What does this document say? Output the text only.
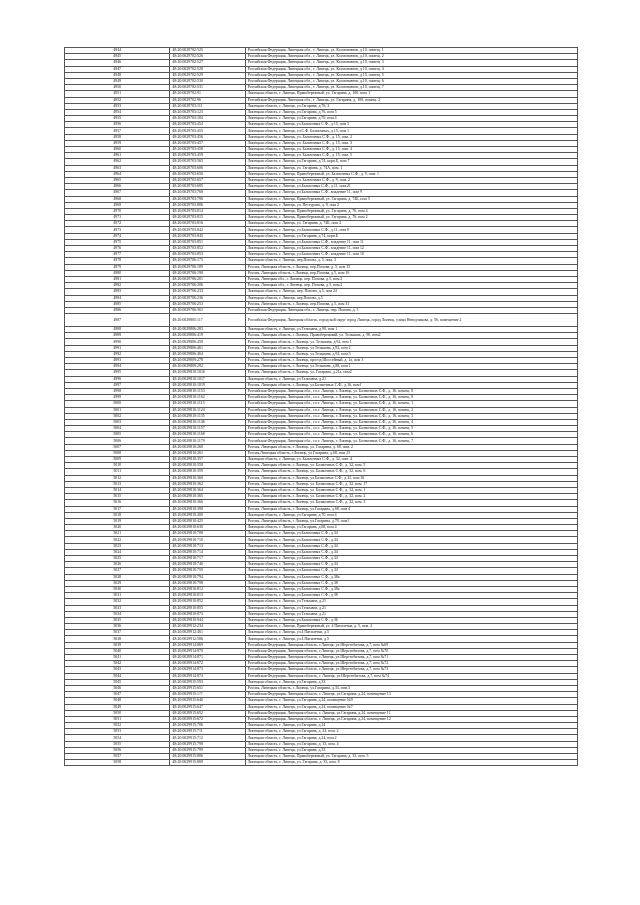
4944	48:20:0029702:525	Российская Федерация, Липецкая обл., г. Липецк, ул. Космонавтов, д.10, помещ. 1
4945	48:20:0029702:526	Российская Федерация, Липецкая обл., г. Липецк, ул. Космонавтов, д.10, помещ. 2
4946	48:20:0029702:527	Российская Федерация, Липецкая обл., г. Липецк, ул. Космонавтов, д.10, помещ. 3
4947	48:20:0029702:528	Российская Федерация, Липецкая обл., г. Липецк, ул. Космонавтов, д.10, помещ. 4
4948	48:20:0029702:529	Российская Федерация, Липецкая обл., г. Липецк, ул. Космонавтов, д.10, помещ. 5
4949	48:20:0029702:530	Российская Федерация, Липецкая обл., г. Липецк, ул. Космонавтов, д.10, помещ. 6
4950	48:20:0029702:531	Российская Федерация, Липецкая обл., г. Липецк, ул. Космонавтов, д.10, помещ. 7
4951	48:20:0029702:91	Липецкая область, г. Липецк, Правобережный, ул. Гагарина, д. 100, пом. 1
4952	48:20:0029702:96	Российская Федерация, Липецкая обл., г. Липецк, ул. Гагарина, д. 100, помещ. 2
4953	48:20:0029703:111	Липецкая область, г. Липецк, ул.Гагарина, д.76, 3
4954	48:20:0029703:123	Липецкая область, г. Липецк, ул.Гагарина, д.76, пом 5
4955	48:20:0029703:184	Липецкая область, г. Липецк, ул.Гагарина, д.76, пом 4
4956	48:20:0029703:454	Липецкая область, г. Липецк, ул.Балмочных С.Ф., д.15, пом 3
4957	48:20:0029703:455	Липецкая область, г. Липецк, ул.С.Ф. Балмочных, д.15, пом 1
4958	48:20:0029703:456	Липецкая область, г. Липецк, ул. Балмочных С.Ф., д. 15, пом. 2
4959	48:20:0029703:457	Липецкая область, г. Липецк, ул. Балмочных С.Ф., д. 15, пом. 3
4960	48:20:0029703:458	Липецкая область, г. Липецк, ул. Балмочных С.Ф., д. 15, пом. 4
4961	48:20:0029703:459	Липецкая область, г. Липецк, ул. Балмочных С.Ф., д. 15, пом. 5
4962	48:20:0029703:565	Липецкая область, г. Липецк, ул.Гагарина, д.74, корп.Б, пом 7
4963	48:20:0029703:606	Липецкая область, г. Липецк, ул. Гагарина, д. 74А, пом. 1
4964	48:20:0029703:656	Липецкая область, г. Липецк, Правобережный, ул. Балмочных С.Ф., д. 9, пом. 1
4965	48:20:0029703:657	Липецкая область, г. Липецк, ул. Балмочных С.Ф., д. 9, пом. 2
4966	48:20:0029703:685	Липецкая область, г. Липецк, ул.Балмочных С.Ф., д.11, пом.21
4967	48:20:0029703:768	Липецкая область, г. Липецк, ул.Балмочных С.Ф., владение 11, пом 9
4968	48:20:0029703:796	Липецкая область, г. Липецк, Правобережный, ул. Гагарина, д. 74Б, пом 5
4969	48:20:0029703:806	Липецкая область, г. Липецк, ул. Пестурова, д. 9, пом 2
4970	48:20:0029703:814	Липецкая область, г. Липецк, Правобережный, ул. Гагарина, д. 76, пом 4
4971	48:20:0029703:815	Липецкая область, г. Липецк, Правобережный, ул. Гагарина, д. 76, пом 2
4972	48:20:0029703:816	Липецкая область, г. Липецк, ул. Гагарина, д. 74Б, пом 4
4973	48:20:0029703:842	Липецкая область, г. Липецк, ул.Балмочных С.Ф., д.11, пом 8
4974	48:20:0029703:845	Липецкая область, г. Липецк, ул.Гагарина, д.74, корп.Б
4975	48:20:0029703:851	Липецкая область, г. Липецк, ул.Балмочных С.Ф., владение 11, пом 11
4976	48:20:0029703:852	Липецкая область, г. Липецк, ул.Балмочных С.Ф., владение 11, пом 12
4977	48:20:0029703:853	Липецкая область, г. Липецк, ул.Балмочных С.Ф., владение 11, пом 10
4978	48:20:0029706:175	Липецкая область, г. Липецк, пер.Попова, д. 5, пом. 3
4979	48:20:0029706:189	Россия, Липецкая область, г. Липецк, пер.Попова, д. 5, пом 15
4980	48:20:0029706:190	Россия, Липецкая область, г. Липецк, пер.Попова, д.5, пом 16
4981	48:20:0029706:201	Россия, Липецкая обл., г. Липецк, пер. Попова, д.5, пом 2
4982	48:20:0029706:206	Россия, Липецкая обл., г. Липецк, пер. Попова, д.5, пом.2
4983	48:20:0029706:233	Липецкая область, г. Липецк, пер. Попова, д.5, пом 24
4984	48:20:0029706:236	Липецкая область, г. Липецк, пер.Попова, д.5
4985	48:20:0029706:253	Россия, Липецкая область, г. Липецк, пер.Попова, д.5, пом 31
4986	48:20:0029706:361	Российская Федерация, Липецкая обл., г. Липецк, пер. Попова, д. 5
4987	48:20:0029805:117	Российская Федерация, Липецкая область, городской округ город Липецк, город Липецк, улица Неводчикова, д. 56, помещение 2
4988	48:20:0029806:283	Липецкая область, г. Липецк, ул.Тельмана, д.90, пом 1
4989	48:20:0029806:419	Россия, Липецкая область, г. Липецк, Правобережный, ул. Тельмана, д. 90, пом2
4990	48:20:0029806:458	Россия, Липецкая область, г. Липецк, ул. Тельмана, д.92, пом 1
4991	48:20:0029806:461	Россия, Липецкая область, г. Липецк, ул.Тельмана, д.92, пом 2
4992	48:20:0029806:464	Россия, Липецкая область, г. Липецк, ул.Тельмана, д.92, пом 3
4993	48:20:0029809:278	Россия, Липецкая область, г. Липецк, проезд Шоссейный, д. 1а, пом 3
4994	48:20:0029809:292	Россия, Липецкая область, г. Липецк, ул.Тельмана, д.88, пом 1
4995	48:20:0029810:1016	Россия, Липецкая область, г. Липецк, ул. Гагарина, д.21а, пом2
4996	48:20:0029810:1017	Липецкая область, г. Липецк, ул.Тельмана, д.21
4997	48:20:0029810:1019	Россия, Липецкая область, г. Липецк, ул.Балмочных С.Ф., д.16, пом1
4998	48:20:0029810:1153	Российская Федерация, Липецкая обл., г.о.г. Липецк, г. Липецк, ул. Балмочных С.Ф., д. 16, помещ. 8
4999	48:20:0029810:1162	Российская Федерация, Липецкая обл., г.о.г. Липецк, г. Липецк, ул. Балмочных С.Ф., д. 16, помещ. 9
5000	48:20:0029810:1113	Российская Федерация, Липецкая обл., г.о.г. Липецк, г. Липецк, ул. Балмочных С.Ф., д. 16, помещ. 1
5001	48:20:0029810:1124	Российская Федерация, Липецкая обл., г.о.г. Липецк, г. Липецк, ул. Балмочных С.Ф., д. 16, помещ. 2
5002	48:20:0029810:1135	Российская Федерация, Липецкая обл., г.о.г. Липецк, г. Липецк, ул. Балмочных С.Ф., д. 16, помещ. 3
5003	48:20:0029810:1146	Российская Федерация, Липецкая обл., г.о.г. Липецк, г. Липецк, ул. Балмочных С.Ф., д. 16, помещ. 4
5004	48:20:0029810:1157	Российская Федерация, Липецкая обл., г.о.г. Липецк, г. Липецк, ул. Балмочных С.Ф., д. 16, помещ. 5
5005	48:20:0029810:1168	Российская Федерация, Липецкая обл., г.о.г. Липецк, г. Липецк, ул. Балмочных С.Ф., д. 16, помещ. 6
5006	48:20:0029810:1179	Российская Федерация, Липецкая обл., г.о.г. Липецк, г. Липецк, ул. Балмочных С.Ф., д. 16, помещ. 7
5007	48:20:0029810:260	Россия, Липецкая область, г. Липецк, ул. Гагарина, д. 68, пом. 2
5008	48:20:0029810:261	Россия,Липецкая область, г.Липецк, ул.Гагарина, д.68, пом 23
5009	48:20:0029810:357	Липецкая область, г. Липецк, ул. Балмочных С.Ф., д. 32, пом. 4
5010	48:20:0029810:358	Россия, Липецкая область, г. Липецк, ул. Балмочных С.Ф., д. 32, пом. 5
5011	48:20:0029810:359	Россия, Липецкая область, г. Липецк, ул. Балмочных С.Ф., д. 32, пом. 6
5012	48:20:0029810:360	Россия, Липецкая область, г. Липецк, ул.Балмочных С.Ф., д.32, пом 16
5013	48:20:0029810:362	Россия, Липецкая область, г. Липецк, ул. Балмочных С.Ф., д. 32, пом. 17
5014	48:20:0029810:364	Россия, Липецкая область, г. Липецк, ул. Балмочных С.Ф., д. 32, пом. 1
5015	48:20:0029810:365	Россия, Липецкая область, г. Липецк, ул. Балмочных С.Ф., д. 32, пом. 2
5016	48:20:0029810:366	Россия, Липецкая область, г. Липецк, ул. Балмочных С.Ф., д. 32, пом. 3
5017	48:20:0029810:398	Россия, Липецкая область, г. Липецк, ул.Гагарина, д.68, пом 4
5018	48:20:0029810:400	Липецкая область, г. Липецк, ул.Гагарина, д.70, пом 4
5019	48:20:0029810:425	Россия, Липецкая область, г. Липецк, ул.Гагарина, д.70, пом1
5020	48:20:0029810:630	Липецкая область, г. Липецк, ул.Гагарина, д.68, пом 4
5021	48:20:0029810:708	Липецкая область, г. Липецк, ул.Балмочных С.Ф., д.34
5022	48:20:0029810:710	Липецкая область, г. Липецк, ул.Балмочных С.Ф., д.34
5023	48:20:0029810:713	Липецкая область, г. Липецк, ул.Балмочных С.Ф., д.34
5024	48:20:0029810:714	Липецкая область, г. Липецк, ул.Балмочных С.Ф., д.34
5025	48:20:0029810:717	Липецкая область, г. Липецк, ул.Балмочных С.Ф., д.34
5026	48:20:0029810:746	Липецкая область, г. Липецк, ул.Балмочных С.Ф., д.34
5027	48:20:0029810:750	Липецкая область, г. Липецк, ул.Балмочных С.Ф., д.34
5028	48:20:0029810:794	Липецкая область, г. Липецк, ул.Балмочных С.Ф., д.38а
5029	48:20:0029810:798	Липецкая область, г. Липецк, ул.Балмочных С.Ф., д.38
5030	48:20:0029810:812	Липецкая область, г. Липецк, ул.Балмочных С.Ф., д.38а
5031	48:20:0029810:813	Липецкая область, г. Липецк, ул.Балмочных С.Ф., д.38
5032	48:20:0029810:852	Липецкая область, г. Липецк, ул.Тельмана, д.21
5033	48:20:0029810:855	Липецкая область, г. Липецк, ул.Тельмана, д.21
5034	48:20:0029810:873	Липецкая область, г. Липецк, ул.Тельмана, д.21
5035	48:20:0029810:944	Липецкая область, г. Липецк, ул.Балмочных С.Ф., д.36
5036	48:20:0029912:234	Липецкая область, г. Липецк, Правобережный, ул. 4 Пятилетки, д. 5, пом. 2
5037	48:20:0029912:461	Липецкая область, г. Липецк, ул.4 Пятилетки, д.5
5038	48:20:0029912:586	Липецкая область, г. Липецк, ул.4 Пятилетки, д.5
5039	48:20:0029914:869	Российская Федерация, Липецкая область, г.Липецк, ул.Шерстобитова, д.7, пом №69
5040	48:20:0029914:870	Российская Федерация, Липецкая область, г.Липецк, ул.Шерстобитова, д.7, пом №70
5041	48:20:0029914:871	Российская Федерация, Липецкая область, г.Липецк, ул.Шерстобитова, д.7, пом №71
5042	48:20:0029914:872	Российская Федерация, Липецкая область, г.Липецк, ул.Шерстобитова, д.7, пом №72
5043	48:20:0029914:873	Российская Федерация, Липецкая область, г.Липецк, ул.Шерстобитова, д.7, пом №73
5044	48:20:0029914:874	Российская Федерация, Липецкая область, г. Липецк, ул.Шерстобитова, д.7, пом №74
5045	48:20:0029915:593	Липецкая область, г. Липецк, ул.Гагарина, д.33
5046	48:20:0029915:651	Россия, Липецкая область, г. Липецк, ул.Гагарина, д.33, пом.3
5047	48:20:0029915:1??	Российская Федерация, Липецкая область, г. Липецк, ул.Гагарина, д.24, помещение 13
5048	48:20:0029915:646	Липецкая область, г. Липецк, ул.Гагарина, д.24, помещение №9
5049	48:20:0029915:647	Липецкая область, г. Липецк, ул.Гагарина, д.24, помещение №7
5050	48:20:0029915:652	Российская Федерация, Липецкая область, г. Липецк, ул.Гагарина, д.24, помещение 11
5051	48:20:0029915:672	Российская Федерация, Липецкая область, г. Липецк, ул.Гагарина, д.24, помещение 12
5052	48:20:0029915:706	Липецкая область, г. Липецк, ул.Гагарина, д.24
5053	48:20:0029915:711	Липецкая область, г. Липецк, ул.Гагарина, д. 24, пом. 2
5054	48:20:0029915:712	Липецкая область, г. Липецк, ул.Гагарина, д.24, пом 2
5055	48:20:0029915:798	Липецкая область, г. Липецк, ул.Гагарина, д. 33, пом. 4
5056	48:20:0029915:799	Липецкая область, г. Липецк, ул.Гагарина, д.33
5057	48:20:0029915:806	Липецкая область, г. Липецк, Правобережный, ул. Гагарина, д. 33, пом. 5
5058	48:20:0029915:800	Липецкая область, г. Липецк, ул. Гагарина, д. 33, пом. 8
